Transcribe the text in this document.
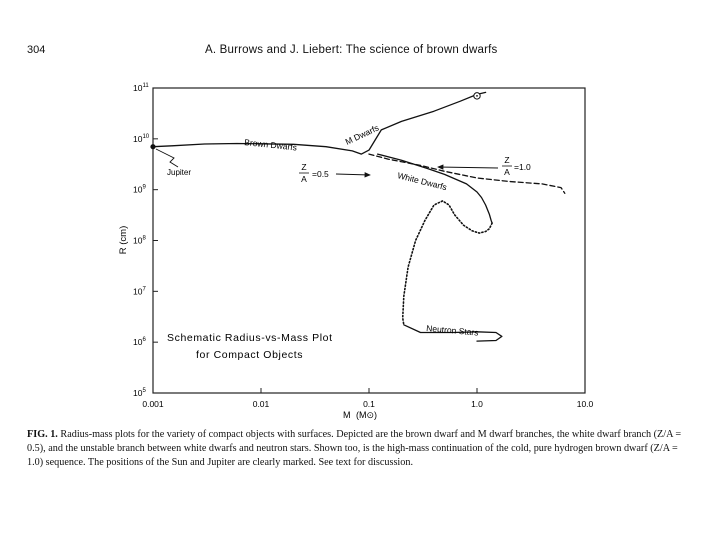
304	A. Burrows and J. Liebert: The science of brown dwarfs
0.001	0.01	0.1	1.0	10.0
$10^5$
$10^6$
$10^7$
$10^8$
$10^9$
$10^{10}$
$10^{11}$
R (cm)
M (M⊙)
Brown Dwarfs	M Dwarfs
Jupiter	White Dwarfs
Neutron Stars
Z
A =0.5
Z
A =1.0
Schematic Radius-vs-Mass Plot
for Compact Objects
FIG. 1. Radius-mass plots for the variety of compact objects with surfaces. Depicted are the brown dwarf and M dwarf branches, the white dwarf branch (Z/A = 0.5), and the unstable branch between white dwarfs and neutron stars. Shown too, is the high-mass continuation of the cold, pure hydrogen brown dwarf (Z/A = 1.0) sequence. The positions of the Sun and Jupiter are clearly marked. See text for discussion.
